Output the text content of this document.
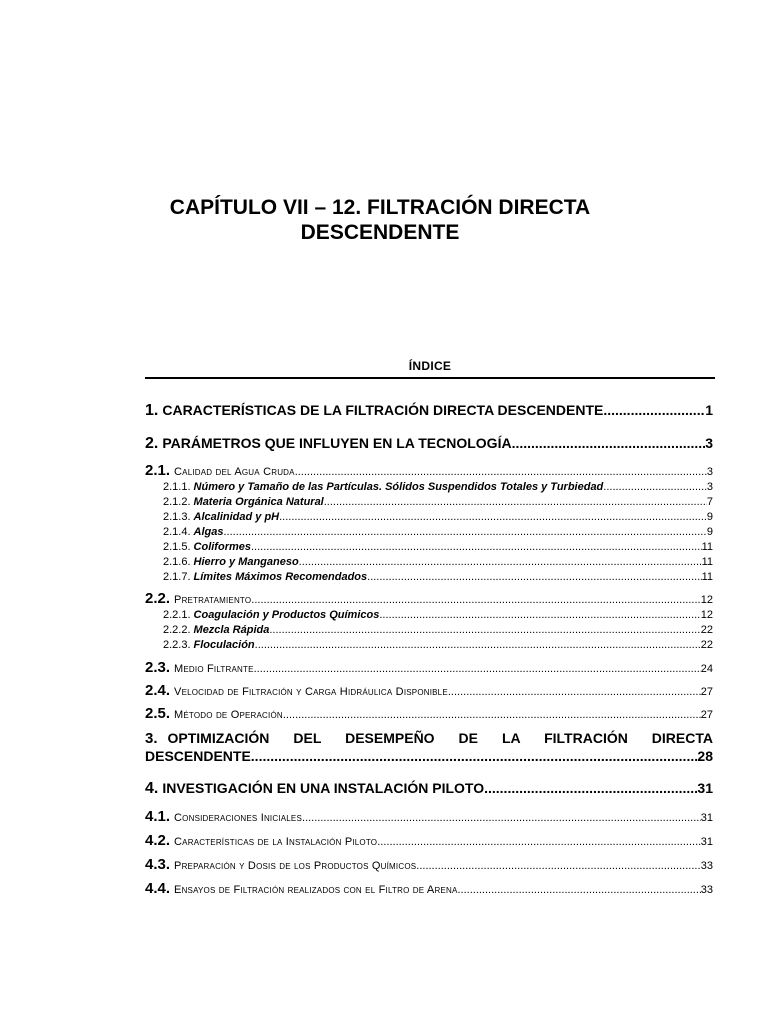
CAPÍTULO VII – 12. FILTRACIÓN DIRECTA
DESCENDENTE
ÍNDICE
1. CARACTERÍSTICAS DE LA FILTRACIÓN DIRECTA DESCENDENTE .....	1
2. PARÁMETROS QUE INFLUYEN EN LA TECNOLOGÍA .....	3
2.1. Calidad del Agua Cruda .....	3
2.1.1. Número y Tamaño de las Partículas. Sólidos Suspendidos Totales y Turbiedad .....	3
2.1.2. Materia Orgánica Natural .....	7
2.1.3. Alcalinidad y pH .....	9
2.1.4. Algas .....	9
2.1.5. Coliformes .....	11
2.1.6. Hierro y Manganeso .....	11
2.1.7. Límites Máximos Recomendados .....	11
2.2. Pretratamiento .....	12
2.2.1. Coagulación y Productos Químicos .....	12
2.2.2. Mezcla Rápida .....	22
2.2.3. Floculación .....	22
2.3. Medio Filtrante .....	24
2.4. Velocidad de Filtración y Carga Hidráulica Disponible .....	27
2.5. Método de Operación .....	27
3. OPTIMIZACIÓN DEL DESEMPEÑO DE LA FILTRACIÓN DIRECTA
DESCENDENTE .....	28
4. INVESTIGACIÓN EN UNA INSTALACIÓN PILOTO .....	31
4.1. Consideraciones Iniciales .....	31
4.2. Características de la Instalación Piloto .....	31
4.3. Preparación y Dosis de los Productos Químicos .....	33
4.4. Ensayos de Filtración realizados con el Filtro de Arena .....	33
